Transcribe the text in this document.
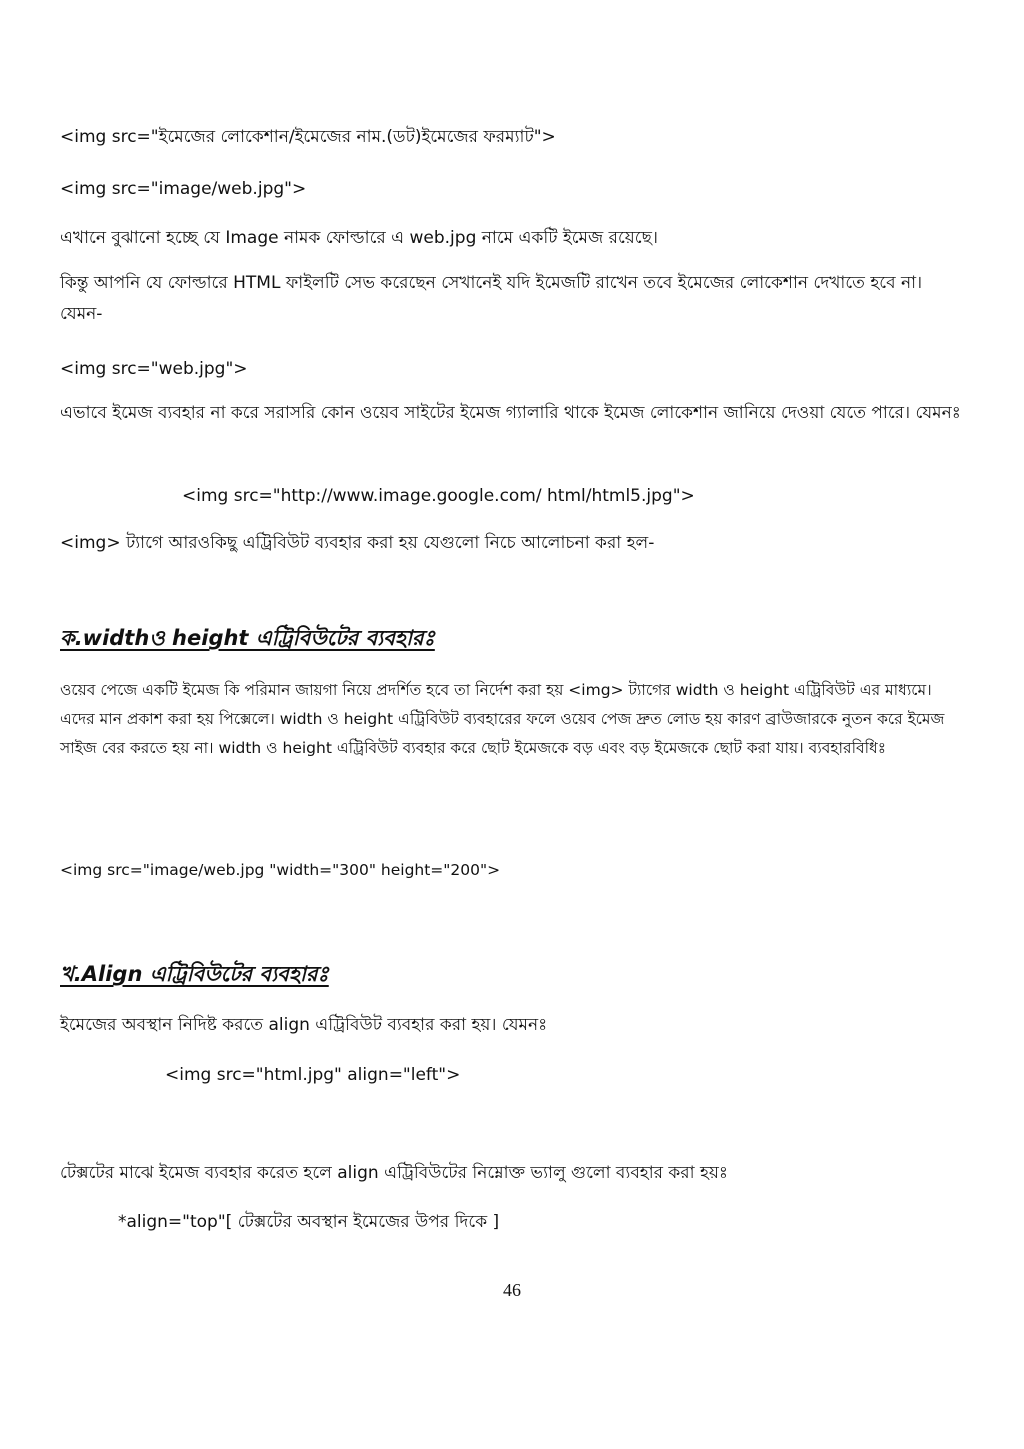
<img src="ইমেজের লোকেশান/ইমেজের নাম.(ডট)ইমেজের ফরম্যাট">
<img src="image/web.jpg">
এখানে বুঝানো হচ্ছে যে Image নামক ফোল্ডারে এ web.jpg নামে একটি ইমেজ রয়েছে।
কিন্তু আপনি যে ফোল্ডারে HTML ফাইলটি সেভ করেছেন সেখানেই যদি ইমেজটি রাখেন তবে ইমেজের লোকেশান দেখাতে হবে না। যেমন-
<img src="web.jpg">
এভাবে ইমেজ ব্যবহার না করে সরাসরি কোন ওয়েব সাইটের ইমেজ গ্যালারি থাকে ইমেজ লোকেশান জানিয়ে দেওয়া যেতে পারে। যেমনঃ
<img src="http://www.image.google.com/ html/html5.jpg">
<img> ট্যাগে আরওকিছু এট্রিবিউট ব্যবহার করা হয় যেগুলো নিচে আলোচনা করা হল-
ক.widthও height এট্রিবিউটের ব্যবহারঃ
ওয়েব পেজে একটি ইমেজ কি পরিমান জায়গা নিয়ে প্রদর্শিত হবে তা নির্দেশ করা হয় <img> ট্যাগের width ও height এট্রিবিউট এর মাধ্যমে। এদের মান প্রকাশ করা হয় পিক্সেলে। width ও height এট্রিবিউট ব্যবহারের ফলে ওয়েব পেজ দ্রুত লোড হয় কারণ ব্রাউজারকে নুতন করে ইমেজ সাইজ বের করতে হয় না। width ও height এট্রিবিউট ব্যবহার করে ছোট ইমেজকে বড় এবং বড় ইমেজকে ছোট করা যায়। ব্যবহারবিধিঃ
<img src="image/web.jpg "width="300" height="200">
খ.Align এট্রিবিউটের ব্যবহারঃ
ইমেজের অবস্থান নিদিষ্ট করতে align এট্রিবিউট ব্যবহার করা হয়। যেমনঃ
<img src="html.jpg" align="left">
টেক্সটের মাঝে ইমেজ ব্যবহার করেত হলে align এট্রিবিউটের নিম্নোক্ত ভ্যালু গুলো ব্যবহার করা হয়ঃ
*align="top"[ টেক্সটের অবস্থান ইমেজের উপর দিকে ]
46
